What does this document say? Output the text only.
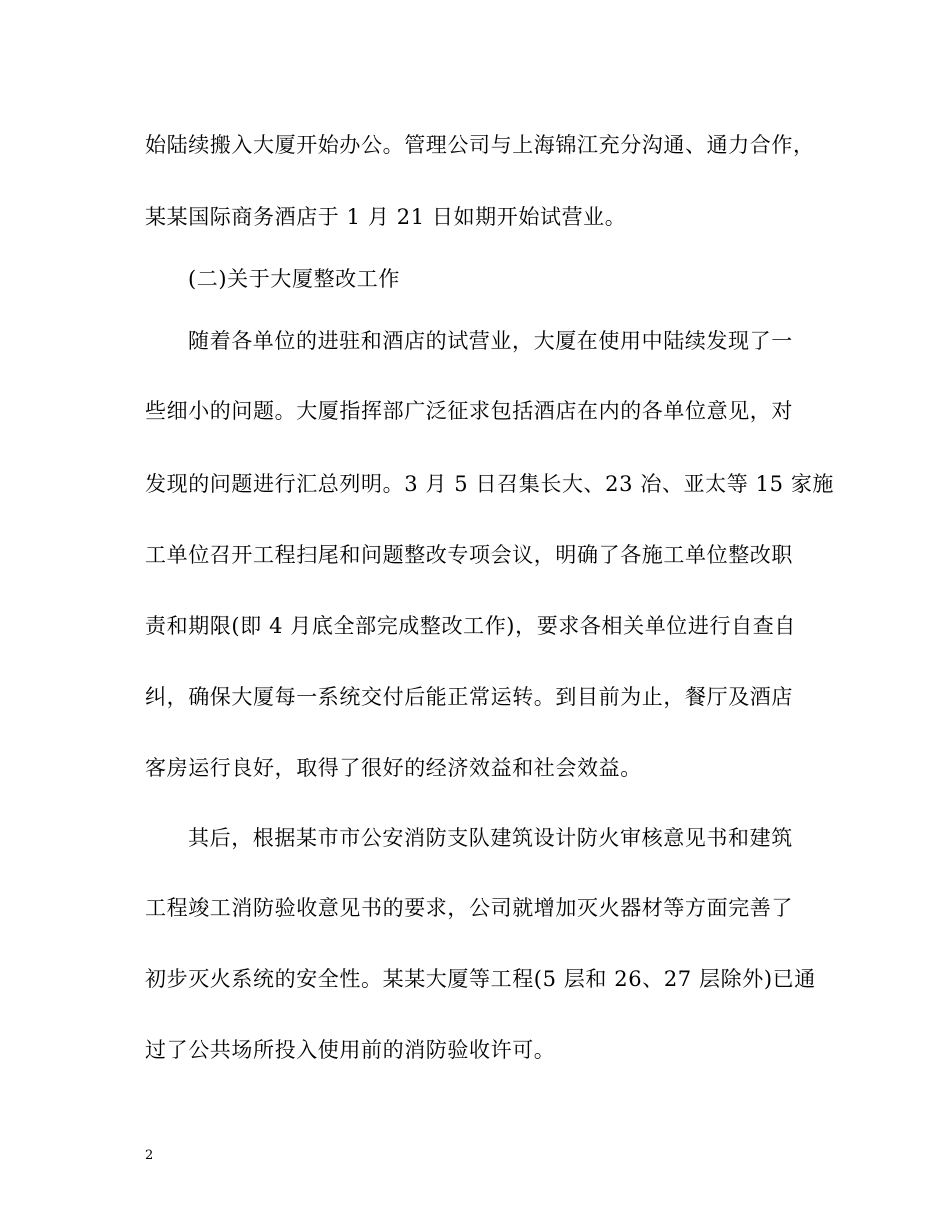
始陆续搬入大厦开始办公。管理公司与上海锦江充分沟通、通力合作，
某某国际商务酒店于 1 月 21 日如期开始试营业。
(二)关于大厦整改工作
随着各单位的进驻和酒店的试营业，大厦在使用中陆续发现了一
些细小的问题。大厦指挥部广泛征求包括酒店在内的各单位意见，对
发现的问题进行汇总列明。3 月 5 日召集长大、23 冶、亚太等 15 家施
工单位召开工程扫尾和问题整改专项会议，明确了各施工单位整改职
责和期限(即 4 月底全部完成整改工作)，要求各相关单位进行自查自
纠，确保大厦每一系统交付后能正常运转。到目前为止，餐厅及酒店
客房运行良好，取得了很好的经济效益和社会效益。
其后，根据某市市公安消防支队建筑设计防火审核意见书和建筑
工程竣工消防验收意见书的要求，公司就增加灭火器材等方面完善了
初步灭火系统的安全性。某某大厦等工程(5 层和 26、27 层除外)已通
过了公共场所投入使用前的消防验收许可。
2
